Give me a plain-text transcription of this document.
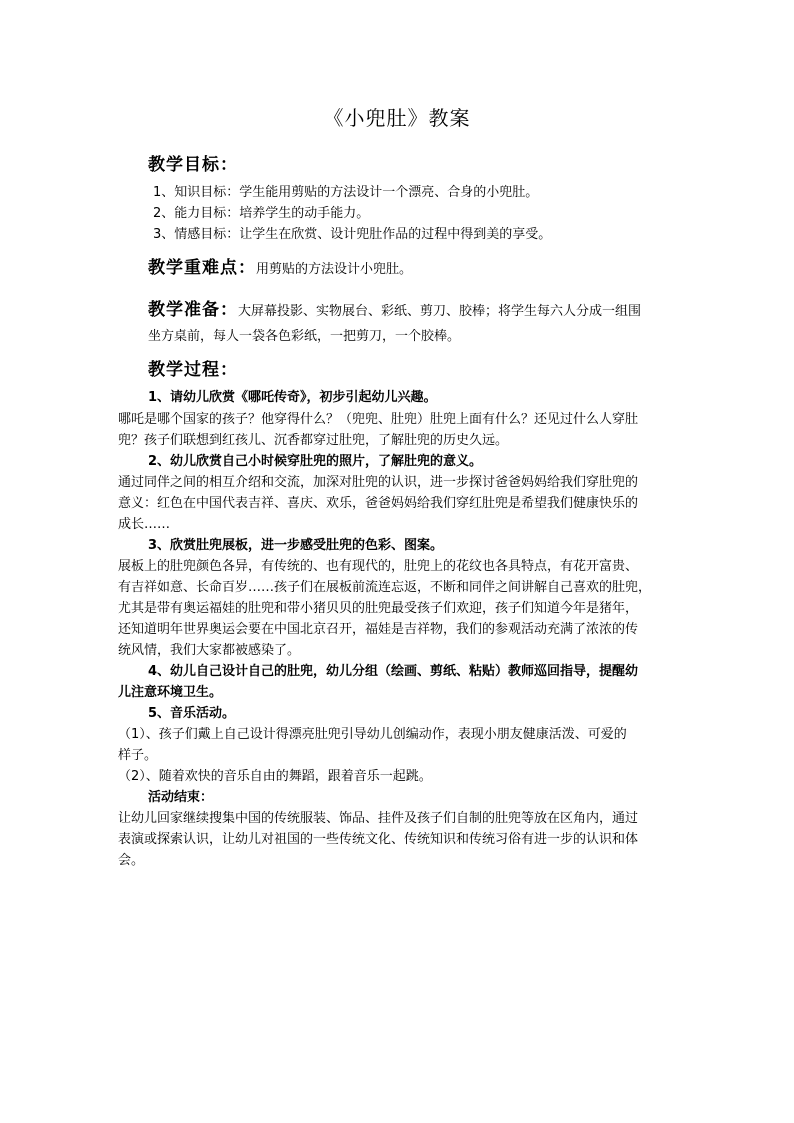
《小兜肚》教案
教学目标：
1、知识目标：学生能用剪贴的方法设计一个漂亮、合身的小兜肚。
2、能力目标：培养学生的动手能力。
3、情感目标：让学生在欣赏、设计兜肚作品的过程中得到美的享受。
教学重难点：用剪贴的方法设计小兜肚。
教学准备：大屏幕投影、实物展台、彩纸、剪刀、胶棒；将学生每六人分成一组围
坐方桌前，每人一袋各色彩纸，一把剪刀，一个胶棒。
教学过程：
1、请幼儿欣赏《哪吒传奇》，初步引起幼儿兴趣。
哪吒是哪个国家的孩子？他穿得什么？（兜兜、肚兜）肚兜上面有什么？还见过什么人穿肚
兜？孩子们联想到红孩儿、沉香都穿过肚兜，了解肚兜的历史久远。
2、幼儿欣赏自己小时候穿肚兜的照片，了解肚兜的意义。
通过同伴之间的相互介绍和交流，加深对肚兜的认识，进一步探讨爸爸妈妈给我们穿肚兜的
意义：红色在中国代表吉祥、喜庆、欢乐，爸爸妈妈给我们穿红肚兜是希望我们健康快乐的
成长……
3、欣赏肚兜展板，进一步感受肚兜的色彩、图案。
展板上的肚兜颜色各异，有传统的、也有现代的，肚兜上的花纹也各具特点，有花开富贵、
有吉祥如意、长命百岁……孩子们在展板前流连忘返，不断和同伴之间讲解自己喜欢的肚兜，
尤其是带有奥运福娃的肚兜和带小猪贝贝的肚兜最受孩子们欢迎，孩子们知道今年是猪年，
还知道明年世界奥运会要在中国北京召开，福娃是吉祥物，我们的参观活动充满了浓浓的传
统风情，我们大家都被感染了。
4、幼儿自己设计自己的肚兜，幼儿分组（绘画、剪纸、粘贴）教师巡回指导，提醒幼
儿注意环境卫生。
5、音乐活动。
（1）、孩子们戴上自己设计得漂亮肚兜引导幼儿创编动作，表现小朋友健康活泼、可爱的
样子。
（2）、随着欢快的音乐自由的舞蹈，跟着音乐一起跳。
活动结束：
让幼儿回家继续搜集中国的传统服装、饰品、挂件及孩子们自制的肚兜等放在区角内，通过
表演或探索认识，让幼儿对祖国的一些传统文化、传统知识和传统习俗有进一步的认识和体
会。
